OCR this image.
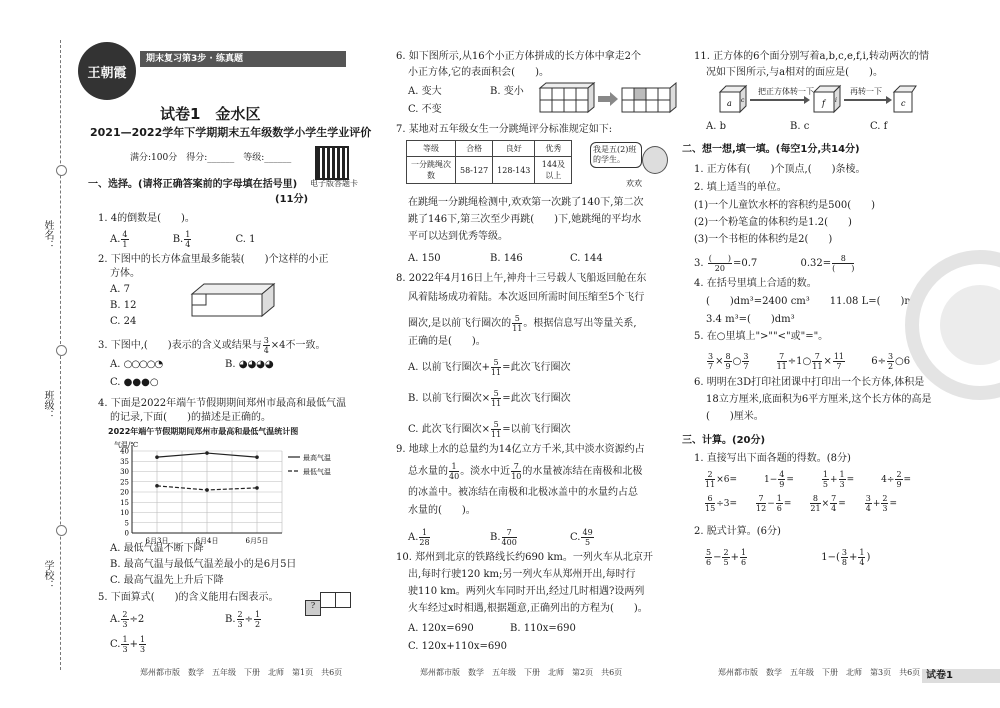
姓名：
班级：
学校：
王朝霞
期末复习第3步 · 练真题
试卷1　金水区
2021—2022学年下学期期末五年级数学小学生学业评价
满分:100分　得分:______　等级:______
电子版答题卡
一、选择。(请将正确答案前的字母填在括号里)
(11分)
1. 4的倒数是(　　)。
A. $\frac{4}{1}$	B. $\frac{1}{4}$	C. 1
2. 下图中的长方体盒里最多能装(　　)个这样的小正
方体。
A. 7
B. 12
C. 24
3. 下图中,(　　)表示的含义或结果与 $\frac{3}{4} \times 4$不一致。
A. ○○○○◔	B. ◕◕◕◕
C. ●●●○
4. 下面是2022年端午节假期期间郑州市最高和最低气温
的记录,下面(　　)的描述是正确的。
2022年端午节假期期间郑州市最高和最低气温统计图
气温/℃
0
5
10
15
20
25
30
35
40
6月3日	6月4日	6月5日
最高气温
最低气温
A. 最低气温不断下降
B. 最高气温与最低气温差最小的是6月5日
C. 最高气温先上升后下降
5. 下面算式(　　)的含义能用右图表示。
?
A. $\frac{2}{3} \div 2$	B. $\frac{2}{3} \div \frac{1}{2}$
C. $\frac{1}{3} + \frac{1}{3}$
郑州都市版　数学　五年级　下册　北师　第1页　共6页
6. 如下图所示,从16个小正方体拼成的长方体中拿走2个
小正方体,它的表面积会(　　)。
A. 变大	B. 变小
C. 不变
7. 某地对五年级女生一分跳绳评分标准规定如下:
等级	合格	良好	优秀
一分跳绳次数	58-127	128-143	144及以上
我是五(2)班的学生。
欢欢
在跳绳一分跳绳检测中,欢欢第一次跳了140下,第二次
跳了146下,第三次至少再跳(　　)下,她跳绳的平均水
平可以达到优秀等级。
A. 150	B. 146	C. 144
8. 2022年4月16日上午,神舟十三号载人飞船返回舱在东
风着陆场成功着陆。本次返回所需时间压缩至5个飞行
圈次,是以前飞行圈次的 $\frac{5}{11}$ 。根据信息写出等量关系,
正确的是(　　)。
A. 以前飞行圈次+ $\frac{5}{11}$ =此次飞行圈次
B. 以前飞行圈次× $\frac{5}{11}$ =此次飞行圈次
C. 此次飞行圈次× $\frac{5}{11}$ =以前飞行圈次
9. 地球上水的总量约为14亿立方千米,其中淡水资源约占
总水量的 $\frac{1}{40}$ 。淡水中近 $\frac{7}{10}$ 的水量被冻结在南极和北极
的冰盖中。被冻结在南极和北极冰盖中的水量约占总
水量的(　　)。
A. $\frac{1}{28}$	B. $\frac{7}{400}$	C. $\frac{49}{5}$
10. 郑州到北京的铁路线长约690 km。一列火车从北京开
出,每时行驶120 km;另一列火车从郑州开出,每时行
驶110 km。两列火车同时开出,经过几时相遇?设两列
火车经过x时相遇,根据题意,正确列出的方程为(　　)。
A. 120x=690	B. 110x=690
C. 120x+110x=690
郑州都市版　数学　五年级　下册　北师　第2页　共6页
11. 正方体的6个面分别写着a,b,c,e,f,i,转动两次的情
况如下图所示,与a相对的面应是(　　)。
a c	f	i	c
把正方体转一下	再转一下
A. b	B. c	C. f
二、想一想,填一填。(每空1分,共14分)
1. 正方体有(　　)个顶点,(　　)条棱。
2. 填上适当的单位。
(1)一个儿童饮水杯的容积约是500(　　)
(2)一个粉笔盒的体积约是1.2(　　)
(3)一个书柜的体积约是2(　　)
3. $\frac{( )}{20} =0.7$	$0.32= \frac{8}{( )}$
4. 在括号里填上合适的数。
(　　)dm³=2400 cm³　　11.08 L=(　　)mL
3.4 m³=(　　)dm³
5. 在○里填上">""<"或"="。
$\frac{3}{7} \times \frac{8}{9}$ ○ $\frac{3}{7}$
	$\frac{7}{11}$ ÷1○ $\frac{7}{11} \times \frac{11}{7}$	$6\div \frac{3}{2}$ ○6
6. 明明在3D打印社团课中打印出一个长方体,体积是
18立方厘米,底面积为6平方厘米,这个长方体的高是
(　　)厘米。
三、计算。(20分)
1. 直接写出下面各题的得数。(8分)
$\frac{2}{11} \times 6=$　　　$1- \frac{4}{9}$ =　　　 $\frac{1}{5} + \frac{1}{3}$ =　　　$4\div \frac{2}{9}$ =
$\frac{6}{15} \div 3=$　　 $\frac{7}{12} - \frac{1}{6}$ =　　 $\frac{8}{21} \times \frac{7}{4}$ =　　 $\frac{3}{4} + \frac{2}{3}$ =
2. 脱式计算。(6分)
$\frac{5}{6} - \frac{2}{5} + \frac{1}{6}$	$1-( \frac{3}{8} + \frac{1}{4}$ )
郑州都市版　数学　五年级　下册　北师　第3页　共6页 试卷1
